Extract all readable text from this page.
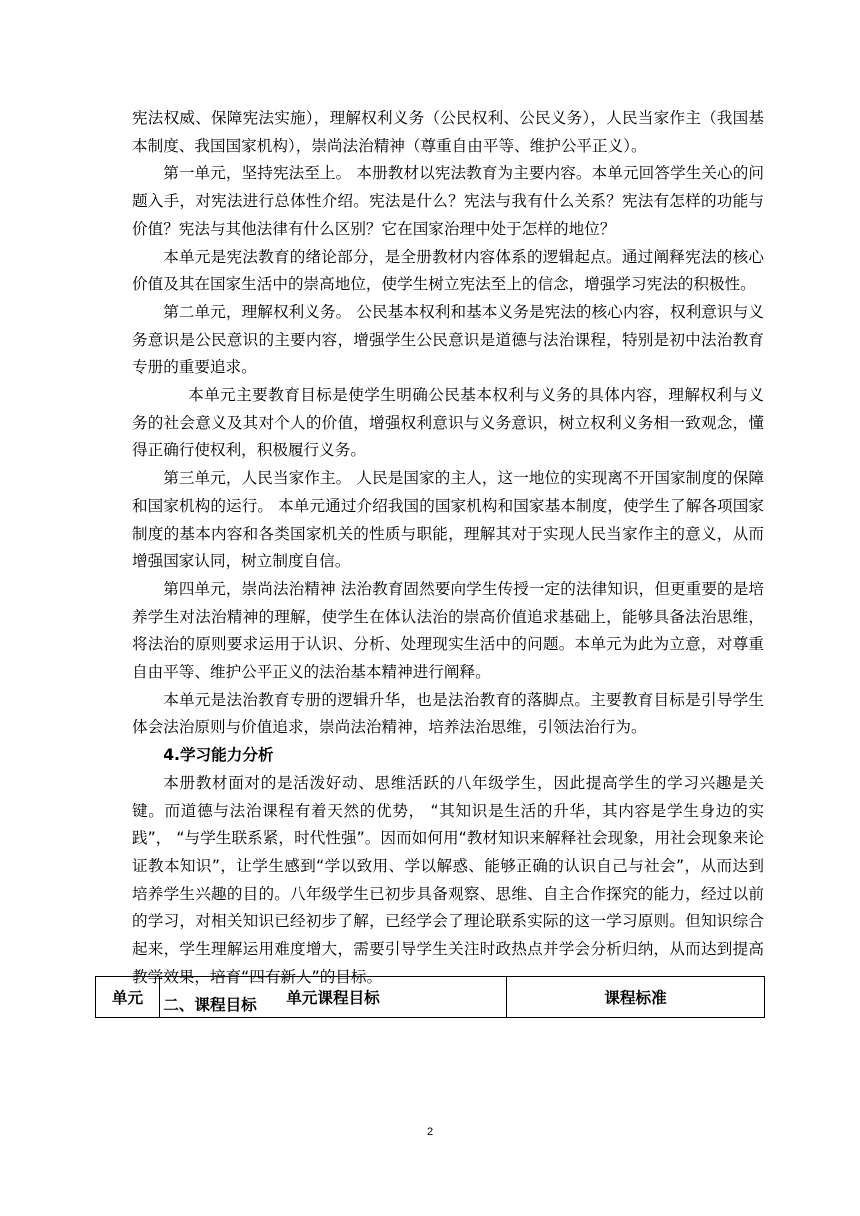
宪法权威、保障宪法实施），理解权利义务（公民权利、公民义务），人民当家作主（我国基本制度、我国国家机构），崇尚法治精神（尊重自由平等、维护公平正义）。

第一单元，坚持宪法至上。 本册教材以宪法教育为主要内容。本单元回答学生关心的问题入手，对宪法进行总体性介绍。宪法是什么？宪法与我有什么关系？宪法有怎样的功能与价值？宪法与其他法律有什么区别？它在国家治理中处于怎样的地位？

本单元是宪法教育的绪论部分，是全册教材内容体系的逻辑起点。通过阐释宪法的核心价值及其在国家生活中的崇高地位，使学生树立宪法至上的信念，增强学习宪法的积极性。

第二单元，理解权利义务。 公民基本权利和基本义务是宪法的核心内容，权利意识与义务意识是公民意识的主要内容，增强学生公民意识是道德与法治课程，特别是初中法治教育专册的重要追求。

本单元主要教育目标是使学生明确公民基本权利与义务的具体内容，理解权利与义务的社会意义及其对个人的价值，增强权利意识与义务意识，树立权利义务相一致观念，懂得正确行使权利，积极履行义务。

第三单元，人民当家作主。 人民是国家的主人，这一地位的实现离不开国家制度的保障和国家机构的运行。 本单元通过介绍我国的国家机构和国家基本制度，使学生了解各项国家制度的基本内容和各类国家机关的性质与职能，理解其对于实现人民当家作主的意义，从而增强国家认同，树立制度自信。

第四单元，崇尚法治精神 法治教育固然要向学生传授一定的法律知识，但更重要的是培养学生对法治精神的理解，使学生在体认法治的崇高价值追求基础上，能够具备法治思维，将法治的原则要求运用于认识、分析、处理现实生活中的问题。本单元为此为立意，对尊重自由平等、维护公平正义的法治基本精神进行阐释。

本单元是法治教育专册的逻辑升华，也是法治教育的落脚点。主要教育目标是引导学生体会法治原则与价值追求，崇尚法治精神，培养法治思维，引领法治行为。

4.学习能力分析

本册教材面对的是活泼好动、思维活跃的八年级学生，因此提高学生的学习兴趣是关键。而道德与法治课程有着天然的优势， “其知识是生活的升华，其内容是学生身边的实践”， “与学生联系紧，时代性强”。因而如何用“教材知识来解释社会现象，用社会现象来论证教本知识”，让学生感到“学以致用、学以解惑、能够正确的认识自己与社会”，从而达到培养学生兴趣的目的。八年级学生已初步具备观察、思维、自主合作探究的能力，经过以前的学习，对相关知识已经初步了解，已经学会了理论联系实际的这一学习原则。但知识综合起来，学生理解运用难度增大，需要引导学生关注时政热点并学会分析归纳，从而达到提高教学效果，培育“四有新人”的目标。

二、课程目标

单元	单元课程目标	课程标准
2
